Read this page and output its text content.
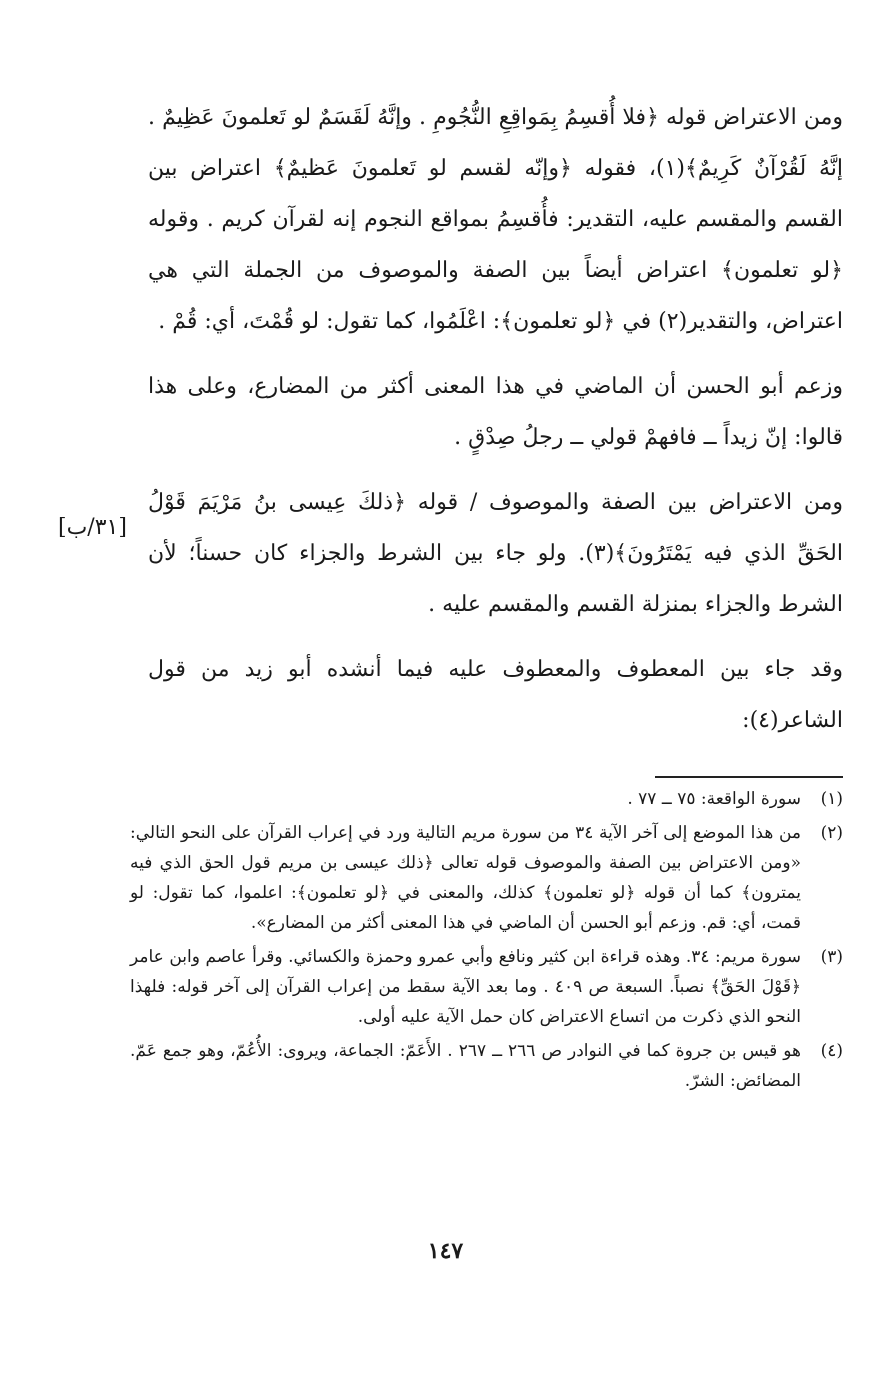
ومن الاعتراض قوله ﴿فلا أُقسِمُ بِمَواقِعِ النُّجُومِ . وإنَّهُ لَقَسَمٌ لو تَعلمونَ عَظِيمٌ . إنَّهُ لَقُرْآنٌ كَرِيمٌ﴾(١)، فقوله ﴿وإنّه لقسم لو تَعلمونَ عَظيمٌ﴾ اعتراض بين القسم والمقسم عليه، التقدير: فأُقسِمُ بمواقع النجوم إنه لقرآن كريم . وقوله ﴿لو تعلمون﴾ اعتراض أيضاً بين الصفة والموصوف من الجملة التي هي اعتراض، والتقدير(٢) في ﴿لو تعلمون﴾: اعْلَمُوا، كما تقول: لو قُمْتَ، أي: قُمْ .

وزعم أبو الحسن أن الماضي في هذا المعنى أكثر من المضارع، وعلى هذا قالوا: إنّ زيداً ــ فافهمْ قولي ــ رجلُ صِدْقٍ .

ومن الاعتراض بين الصفة والموصوف / قوله ﴿ذلكَ عِيسى بنُ مَرْيَمَ قَوْلُ الحَقِّ الذي فيه يَمْتَرُونَ﴾(٣). ولو جاء بين الشرط والجزاء كان حسناً؛ لأن الشرط والجزاء بمنزلة القسم والمقسم عليه .

وقد جاء بين المعطوف والمعطوف عليه فيما أنشده أبو زيد من قول الشاعر(٤):

[٣١/ب]
(١)
سورة الواقعة: ٧٥ ــ ٧٧ .
(٢)
من هذا الموضع إلى آخر الآية ٣٤ من سورة مريم التالية ورد في إعراب القرآن على النحو التالي: «ومن الاعتراض بين الصفة والموصوف قوله تعالى ﴿ذلك عيسى بن مريم قول الحق الذي فيه يمترون﴾ كما أن قوله ﴿لو تعلمون﴾ كذلك، والمعنى في ﴿لو تعلمون﴾: اعلموا، كما تقول: لو قمت، أي: قم. وزعم أبو الحسن أن الماضي في هذا المعنى أكثر من المضارع».
(٣)
سورة مريم: ٣٤. وهذه قراءة ابن كثير ونافع وأبي عمرو وحمزة والكسائي. وقرأ عاصم وابن عامر ﴿قَوْلَ الحَقِّ﴾ نصباً. السبعة ص ٤٠٩ . وما بعد الآية سقط من إعراب القرآن إلى آخر قوله: فلهذا النحو الذي ذكرت من اتساع الاعتراض كان حمل الآية عليه أولى.
(٤)
هو قيس بن جروة كما في النوادر ص ٢٦٦ ــ ٢٦٧ . الأَعَمّ: الجماعة، ويروى: الأُعُمّ، وهو جمع عَمّ. المضائض: الشرّ.
١٤٧
